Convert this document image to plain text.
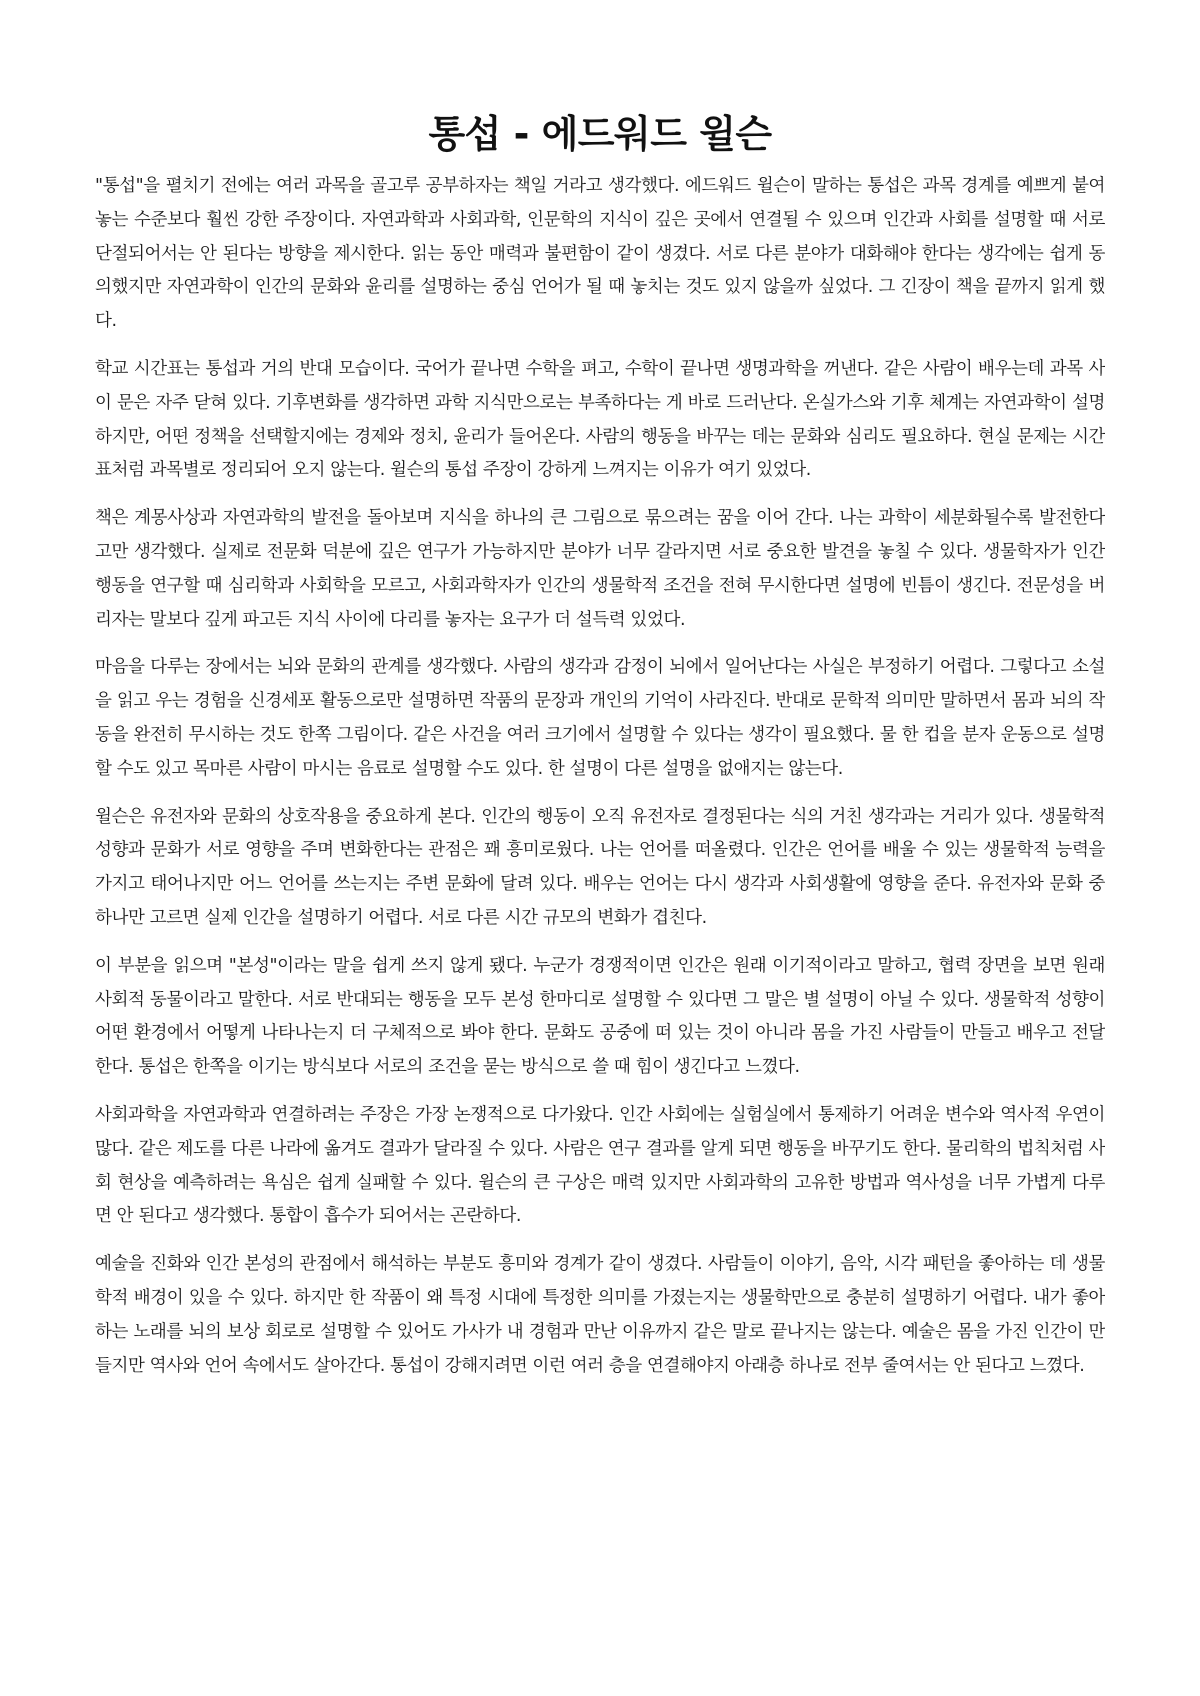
통섭 - 에드워드 윌슨

"통섭"을 펼치기 전에는 여러 과목을 골고루 공부하자는 책일 거라고 생각했다. 에드워드 윌슨이 말하는 통섭은 과목 경계를 예쁘게 붙여 놓는 수준보다 훨씬 강한 주장이다. 자연과학과 사회과학, 인문학의 지식이 깊은 곳에서 연결될 수 있으며 인간과 사회를 설명할 때 서로 단절되어서는 안 된다는 방향을 제시한다. 읽는 동안 매력과 불편함이 같이 생겼다. 서로 다른 분야가 대화해야 한다는 생각에는 쉽게 동의했지만 자연과학이 인간의 문화와 윤리를 설명하는 중심 언어가 될 때 놓치는 것도 있지 않을까 싶었다. 그 긴장이 책을 끝까지 읽게 했다.

학교 시간표는 통섭과 거의 반대 모습이다. 국어가 끝나면 수학을 펴고, 수학이 끝나면 생명과학을 꺼낸다. 같은 사람이 배우는데 과목 사이 문은 자주 닫혀 있다. 기후변화를 생각하면 과학 지식만으로는 부족하다는 게 바로 드러난다. 온실가스와 기후 체계는 자연과학이 설명하지만, 어떤 정책을 선택할지에는 경제와 정치, 윤리가 들어온다. 사람의 행동을 바꾸는 데는 문화와 심리도 필요하다. 현실 문제는 시간표처럼 과목별로 정리되어 오지 않는다. 윌슨의 통섭 주장이 강하게 느껴지는 이유가 여기 있었다.

책은 계몽사상과 자연과학의 발전을 돌아보며 지식을 하나의 큰 그림으로 묶으려는 꿈을 이어 간다. 나는 과학이 세분화될수록 발전한다고만 생각했다. 실제로 전문화 덕분에 깊은 연구가 가능하지만 분야가 너무 갈라지면 서로 중요한 발견을 놓칠 수 있다. 생물학자가 인간 행동을 연구할 때 심리학과 사회학을 모르고, 사회과학자가 인간의 생물학적 조건을 전혀 무시한다면 설명에 빈틈이 생긴다. 전문성을 버리자는 말보다 깊게 파고든 지식 사이에 다리를 놓자는 요구가 더 설득력 있었다.

마음을 다루는 장에서는 뇌와 문화의 관계를 생각했다. 사람의 생각과 감정이 뇌에서 일어난다는 사실은 부정하기 어렵다. 그렇다고 소설을 읽고 우는 경험을 신경세포 활동으로만 설명하면 작품의 문장과 개인의 기억이 사라진다. 반대로 문학적 의미만 말하면서 몸과 뇌의 작동을 완전히 무시하는 것도 한쪽 그림이다. 같은 사건을 여러 크기에서 설명할 수 있다는 생각이 필요했다. 물 한 컵을 분자 운동으로 설명할 수도 있고 목마른 사람이 마시는 음료로 설명할 수도 있다. 한 설명이 다른 설명을 없애지는 않는다.

윌슨은 유전자와 문화의 상호작용을 중요하게 본다. 인간의 행동이 오직 유전자로 결정된다는 식의 거친 생각과는 거리가 있다. 생물학적 성향과 문화가 서로 영향을 주며 변화한다는 관점은 꽤 흥미로웠다. 나는 언어를 떠올렸다. 인간은 언어를 배울 수 있는 생물학적 능력을 가지고 태어나지만 어느 언어를 쓰는지는 주변 문화에 달려 있다. 배우는 언어는 다시 생각과 사회생활에 영향을 준다. 유전자와 문화 중 하나만 고르면 실제 인간을 설명하기 어렵다. 서로 다른 시간 규모의 변화가 겹친다.

이 부분을 읽으며 "본성"이라는 말을 쉽게 쓰지 않게 됐다. 누군가 경쟁적이면 인간은 원래 이기적이라고 말하고, 협력 장면을 보면 원래 사회적 동물이라고 말한다. 서로 반대되는 행동을 모두 본성 한마디로 설명할 수 있다면 그 말은 별 설명이 아닐 수 있다. 생물학적 성향이 어떤 환경에서 어떻게 나타나는지 더 구체적으로 봐야 한다. 문화도 공중에 떠 있는 것이 아니라 몸을 가진 사람들이 만들고 배우고 전달한다. 통섭은 한쪽을 이기는 방식보다 서로의 조건을 묻는 방식으로 쓸 때 힘이 생긴다고 느꼈다.

사회과학을 자연과학과 연결하려는 주장은 가장 논쟁적으로 다가왔다. 인간 사회에는 실험실에서 통제하기 어려운 변수와 역사적 우연이 많다. 같은 제도를 다른 나라에 옮겨도 결과가 달라질 수 있다. 사람은 연구 결과를 알게 되면 행동을 바꾸기도 한다. 물리학의 법칙처럼 사회 현상을 예측하려는 욕심은 쉽게 실패할 수 있다. 윌슨의 큰 구상은 매력 있지만 사회과학의 고유한 방법과 역사성을 너무 가볍게 다루면 안 된다고 생각했다. 통합이 흡수가 되어서는 곤란하다.

예술을 진화와 인간 본성의 관점에서 해석하는 부분도 흥미와 경계가 같이 생겼다. 사람들이 이야기, 음악, 시각 패턴을 좋아하는 데 생물학적 배경이 있을 수 있다. 하지만 한 작품이 왜 특정 시대에 특정한 의미를 가졌는지는 생물학만으로 충분히 설명하기 어렵다. 내가 좋아하는 노래를 뇌의 보상 회로로 설명할 수 있어도 가사가 내 경험과 만난 이유까지 같은 말로 끝나지는 않는다. 예술은 몸을 가진 인간이 만들지만 역사와 언어 속에서도 살아간다. 통섭이 강해지려면 이런 여러 층을 연결해야지 아래층 하나로 전부 줄여서는 안 된다고 느꼈다.
